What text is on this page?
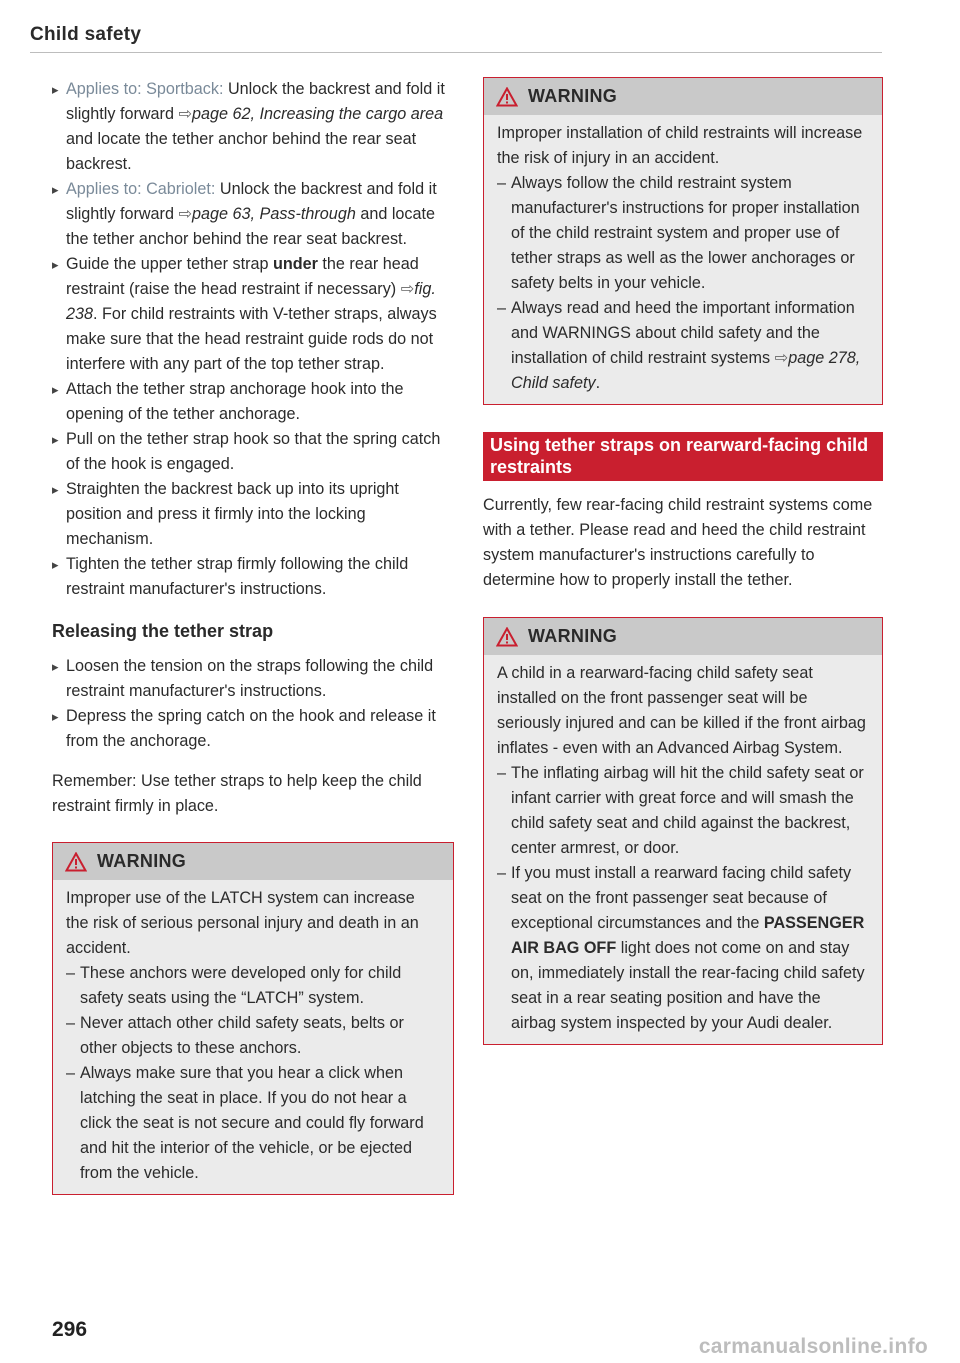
Child safety

▸ Applies to: Sportback: Unlock the backrest and fold it slightly forward ⇨page 62, Increasing the cargo area and locate the tether anchor behind the rear seat backrest.

▸ Applies to: Cabriolet: Unlock the backrest and fold it slightly forward ⇨page 63, Pass-through and locate the tether anchor behind the rear seat backrest.

▸ Guide the upper tether strap under the rear head restraint (raise the head restraint if necessary) ⇨fig. 238. For child restraints with V-tether straps, always make sure that the head restraint guide rods do not interfere with any part of the top tether strap.

▸ Attach the tether strap anchorage hook into the opening of the tether anchorage.

▸ Pull on the tether strap hook so that the spring catch of the hook is engaged.

▸ Straighten the backrest back up into its upright position and press it firmly into the locking mechanism.

▸ Tighten the tether strap firmly following the child restraint manufacturer's instructions.

Releasing the tether strap

▸ Loosen the tension on the straps following the child restraint manufacturer's instructions.

▸ Depress the spring catch on the hook and release it from the anchorage.

Remember: Use tether straps to help keep the child restraint firmly in place.

WARNING

Improper use of the LATCH system can increase the risk of serious personal injury and death in an accident.

– These anchors were developed only for child safety seats using the “LATCH” system.

– Never attach other child safety seats, belts or other objects to these anchors.

– Always make sure that you hear a click when latching the seat in place. If you do not hear a click the seat is not secure and could fly forward and hit the interior of the vehicle, or be ejected from the vehicle.

WARNING

Improper installation of child restraints will increase the risk of injury in an accident.

– Always follow the child restraint system manufacturer's instructions for proper installation of the child restraint system and proper use of tether straps as well as the lower anchorages or safety belts in your vehicle.

– Always read and heed the important information and WARNINGS about child safety and the installation of child restraint systems ⇨page 278, Child safety.

Using tether straps on rearward-facing child restraints

Currently, few rear-facing child restraint systems come with a tether. Please read and heed the child restraint system manufacturer's instructions carefully to determine how to properly install the tether.

WARNING

A child in a rearward-facing child safety seat installed on the front passenger seat will be seriously injured and can be killed if the front airbag inflates - even with an Advanced Airbag System.

– The inflating airbag will hit the child safety seat or infant carrier with great force and will smash the child safety seat and child against the backrest, center armrest, or door.

– If you must install a rearward facing child safety seat on the front passenger seat because of exceptional circumstances and the PASSENGER AIR BAG OFF light does not come on and stay on, immediately install the rear-facing child safety seat in a rear seating position and have the airbag system inspected by your Audi dealer.

296
carmanualsonline.info
